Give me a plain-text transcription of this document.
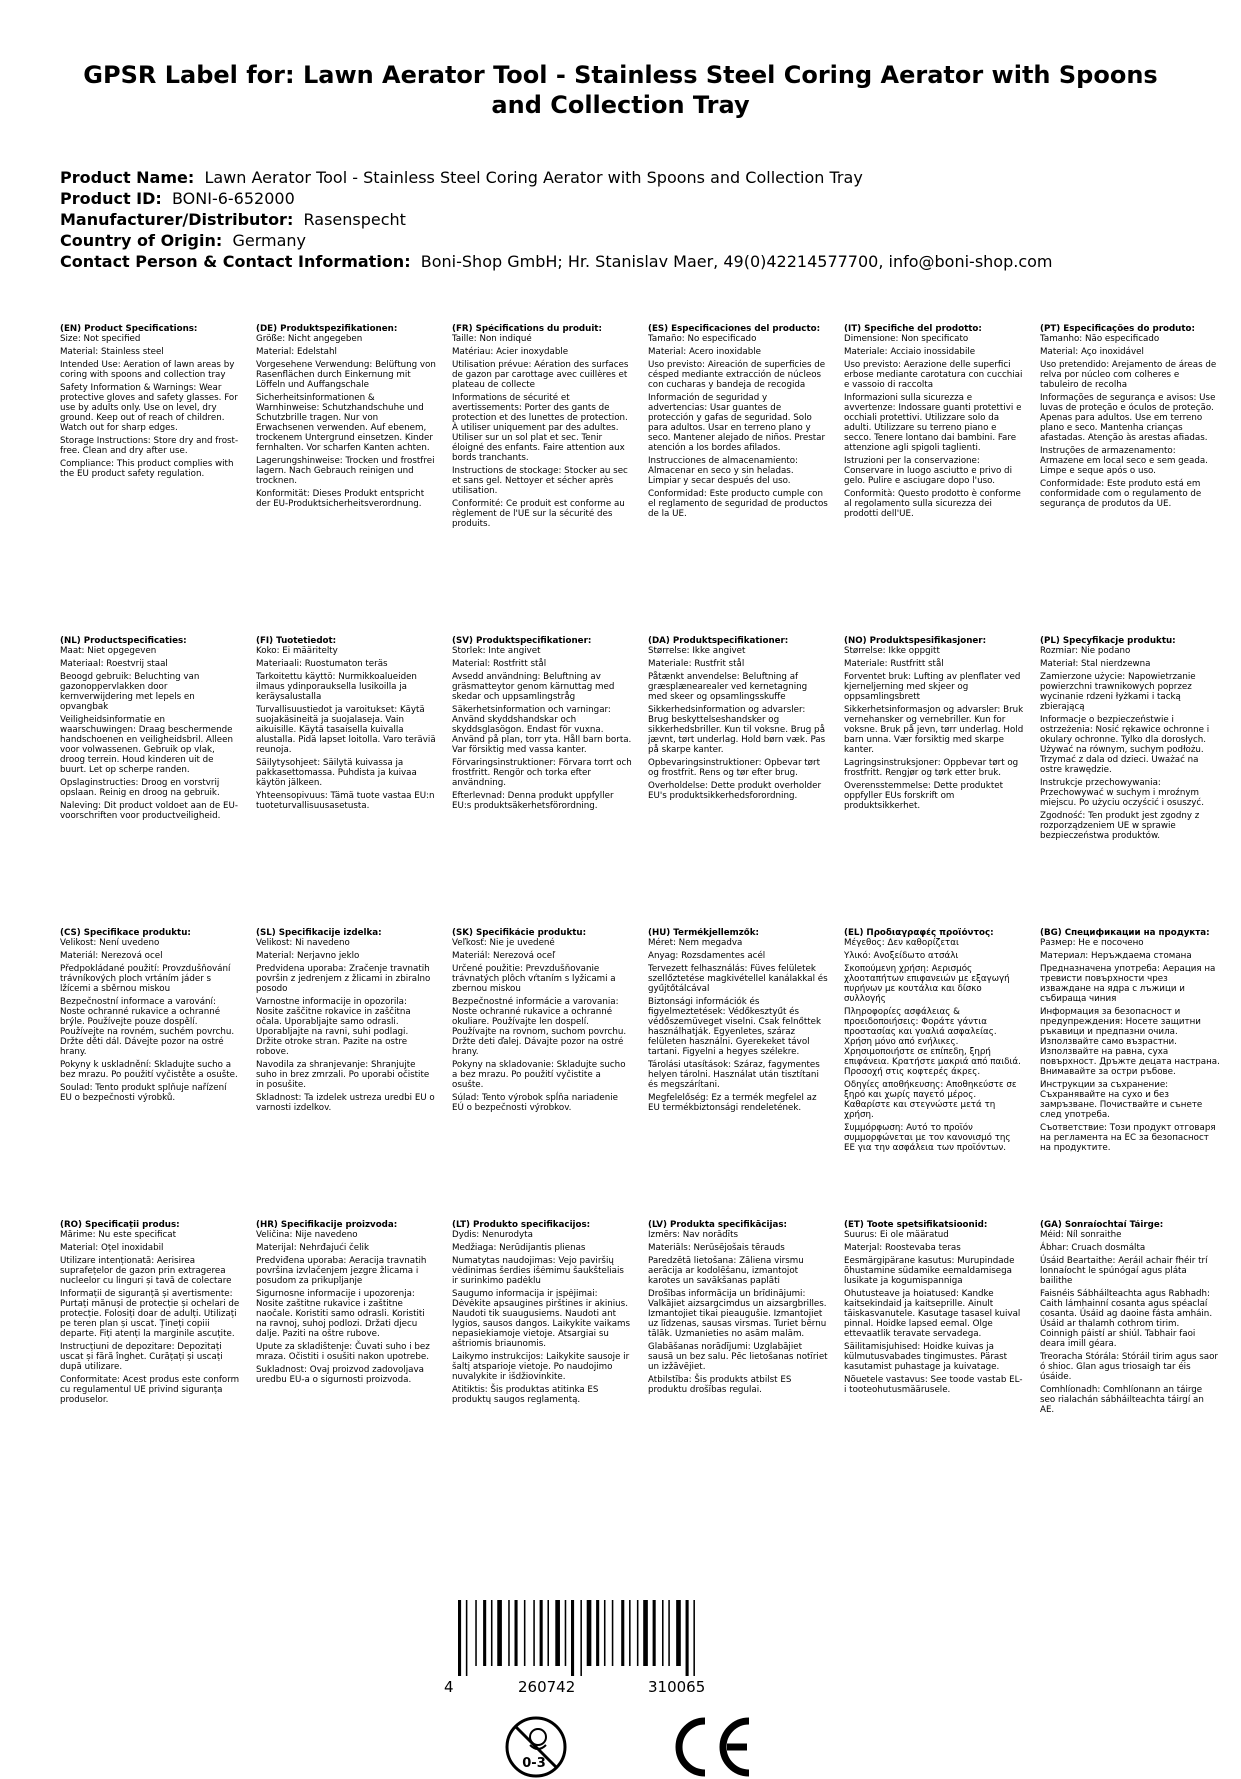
GPSR Label for: Lawn Aerator Tool - Stainless Steel Coring Aerator with Spoons and Collection Tray
Product Name: Lawn Aerator Tool - Stainless Steel Coring Aerator with Spoons and Collection Tray
Product ID: BONI-6-652000
Manufacturer/Distributor: Rasenspecht
Country of Origin: Germany
Contact Person & Contact Information: Boni-Shop GmbH; Hr. Stanislav Maer, 49(0)42214577700, info@boni-shop.com
(EN) Product Specifications:

Size: Not specified

Material: Stainless steel

Intended Use: Aeration of lawn areas by coring with spoons and collection tray

Safety Information & Warnings: Wear protective gloves and safety glasses. For use by adults only. Use on level, dry ground. Keep out of reach of children. Watch out for sharp edges.

Storage Instructions: Store dry and frost-free. Clean and dry after use.

Compliance: This product complies with the EU product safety regulation.

(DE) Produktspezifikationen:

Größe: Nicht angegeben

Material: Edelstahl

Vorgesehene Verwendung: Belüftung von Rasenflächen durch Einkernung mit Löffeln und Auffangschale

Sicherheitsinformationen & Warnhinweise: Schutzhandschuhe und Schutzbrille tragen. Nur von Erwachsenen verwenden. Auf ebenem, trockenem Untergrund einsetzen. Kinder fernhalten. Vor scharfen Kanten achten.

Lagerungshinweise: Trocken und frostfrei lagern. Nach Gebrauch reinigen und trocknen.

Konformität: Dieses Produkt entspricht der EU-Produktsicherheitsverordnung.

(FR) Spécifications du produit:

Taille: Non indiqué

Matériau: Acier inoxydable

Utilisation prévue: Aération des surfaces de gazon par carottage avec cuillères et plateau de collecte

Informations de sécurité et avertissements: Porter des gants de protection et des lunettes de protection. À utiliser uniquement par des adultes. Utiliser sur un sol plat et sec. Tenir éloigné des enfants. Faire attention aux bords tranchants.

Instructions de stockage: Stocker au sec et sans gel. Nettoyer et sécher après utilisation.

Conformité: Ce produit est conforme au règlement de l'UE sur la sécurité des produits.

(ES) Especificaciones del producto:

Tamaño: No especificado

Material: Acero inoxidable

Uso previsto: Aireación de superficies de césped mediante extracción de núcleos con cucharas y bandeja de recogida

Información de seguridad y advertencias: Usar guantes de protección y gafas de seguridad. Solo para adultos. Usar en terreno plano y seco. Mantener alejado de niños. Prestar atención a los bordes afilados.

Instrucciones de almacenamiento: Almacenar en seco y sin heladas. Limpiar y secar después del uso.

Conformidad: Este producto cumple con el reglamento de seguridad de productos de la UE.

(IT) Specifiche del prodotto:

Dimensione: Non specificato

Materiale: Acciaio inossidabile

Uso previsto: Aerazione delle superfici erbose mediante carotatura con cucchiai e vassoio di raccolta

Informazioni sulla sicurezza e avvertenze: Indossare guanti protettivi e occhiali protettivi. Utilizzare solo da adulti. Utilizzare su terreno piano e secco. Tenere lontano dai bambini. Fare attenzione agli spigoli taglienti.

Istruzioni per la conservazione: Conservare in luogo asciutto e privo di gelo. Pulire e asciugare dopo l'uso.

Conformità: Questo prodotto è conforme al regolamento sulla sicurezza dei prodotti dell'UE.

(PT) Especificações do produto:

Tamanho: Não especificado

Material: Aço inoxidável

Uso pretendido: Arejamento de áreas de relva por núcleo com colheres e tabuleiro de recolha

Informações de segurança e avisos: Use luvas de proteção e óculos de proteção. Apenas para adultos. Use em terreno plano e seco. Mantenha crianças afastadas. Atenção às arestas afiadas.

Instruções de armazenamento: Armazene em local seco e sem geada. Limpe e seque após o uso.

Conformidade: Este produto está em conformidade com o regulamento de segurança de produtos da UE.

(NL) Productspecificaties:

Maat: Niet opgegeven

Materiaal: Roestvrij staal

Beoogd gebruik: Beluchting van gazonoppervlakken door kernverwijdering met lepels en opvangbak

Veiligheidsinformatie en waarschuwingen: Draag beschermende handschoenen en veiligheidsbril. Alleen voor volwassenen. Gebruik op vlak, droog terrein. Houd kinderen uit de buurt. Let op scherpe randen.

Opslaginstructies: Droog en vorstvrij opslaan. Reinig en droog na gebruik.

Naleving: Dit product voldoet aan de EU-voorschriften voor productveiligheid.

(FI) Tuotetiedot:

Koko: Ei määritelty

Materiaali: Ruostumaton teräs

Tarkoitettu käyttö: Nurmikkoalueiden ilmaus ydinporauksella lusikoilla ja keräysalustalla

Turvallisuustiedot ja varoitukset: Käytä suojakäsineitä ja suojalaseja. Vain aikuisille. Käytä tasaisella kuivalla alustalla. Pidä lapset loitolla. Varo teräviä reunoja.

Säilytysohjeet: Säilytä kuivassa ja pakkasettomassa. Puhdista ja kuivaa käytön jälkeen.

Yhteensopivuus: Tämä tuote vastaa EU:n tuoteturvallisuusasetusta.

(SV) Produktspecifikationer:

Storlek: Inte angivet

Material: Rostfritt stål

Avsedd användning: Beluftning av gräsmatteytor genom kärnuttag med skedar och uppsamlingstråg

Säkerhetsinformation och varningar: Använd skyddshandskar och skyddsglasögon. Endast för vuxna. Använd på plan, torr yta. Håll barn borta. Var försiktig med vassa kanter.

Förvaringsinstruktioner: Förvara torrt och frostfritt. Rengör och torka efter användning.

Efterlevnad: Denna produkt uppfyller EU:s produktsäkerhetsförordning.

(DA) Produktspecifikationer:

Størrelse: Ikke angivet

Materiale: Rustfrit stål

Påtænkt anvendelse: Beluftning af græsplænearealer ved kernetagning med skeer og opsamlingsskuffe

Sikkerhedsinformation og advarsler: Brug beskyttelseshandsker og sikkerhedsbriller. Kun til voksne. Brug på jævnt, tørt underlag. Hold børn væk. Pas på skarpe kanter.

Opbevaringsinstruktioner: Opbevar tørt og frostfrit. Rens og tør efter brug.

Overholdelse: Dette produkt overholder EU's produktsikkerhedsforordning.

(NO) Produktspesifikasjoner:

Størrelse: Ikke oppgitt

Materiale: Rustfritt stål

Forventet bruk: Lufting av plenflater ved kjerneljerning med skjeer og oppsamlingsbrett

Sikkerhetsinformasjon og advarsler: Bruk vernehansker og vernebriller. Kun for voksne. Bruk på jevn, tørr underlag. Hold barn unna. Vær forsiktig med skarpe kanter.

Lagringsinstruksjoner: Oppbevar tørt og frostfritt. Rengjør og tørk etter bruk.

Overensstemmelse: Dette produktet oppfyller EUs forskrift om produktsikkerhet.

(PL) Specyfikacje produktu:

Rozmiar: Nie podano

Materiał: Stal nierdzewna

Zamierzone użycie: Napowietrzanie powierzchni trawnikowych poprzez wycinanie rdzeni łyżkami i tacką zbierającą

Informacje o bezpieczeństwie i ostrzeżenia: Nosić rękawice ochronne i okulary ochronne. Tylko dla dorosłych. Używać na równym, suchym podłożu. Trzymać z dala od dzieci. Uważać na ostre krawędzie.

Instrukcje przechowywania: Przechowywać w suchym i mroźnym miejscu. Po użyciu oczyścić i osuszyć.

Zgodność: Ten produkt jest zgodny z rozporządzeniem UE w sprawie bezpieczeństwa produktów.

(CS) Specifikace produktu:

Velikost: Není uvedeno

Materiál: Nerezová ocel

Předpokládané použití: Provzdušňování trávníkových ploch vrtáním jáder s lžícemi a sběrnou miskou

Bezpečnostní informace a varování: Noste ochranné rukavice a ochranné brýle. Používejte pouze dospělí. Používejte na rovném, suchém povrchu. Držte děti dál. Dávejte pozor na ostré hrany.

Pokyny k uskladnění: Skladujte sucho a bez mrazu. Po použití vyčistěte a osušte.

Soulad: Tento produkt splňuje nařízení EU o bezpečnosti výrobků.

(SL) Specifikacije izdelka:

Velikost: Ni navedeno

Material: Nerjavno jeklo

Predvidena uporaba: Zračenje travnatih površin z jedrenjem z žlicami in zbiralno posodo

Varnostne informacije in opozorila: Nosite zaščitne rokavice in zaščitna očala. Uporabljajte samo odrasli. Uporabljajte na ravni, suhi podlagi. Držite otroke stran. Pazite na ostre robove.

Navodila za shranjevanje: Shranjujte suho in brez zmrzali. Po uporabi očistite in posušite.

Skladnost: Ta izdelek ustreza uredbi EU o varnosti izdelkov.

(SK) Špecifikácie produktu:

Veľkosť: Nie je uvedené

Materiál: Nerezová oceľ

Určené použitie: Prevzdušňovanie trávnatých plôch vŕtaním s lyžicami a zbernou miskou

Bezpečnostné informácie a varovania: Noste ochranné rukavice a ochranné okuliare. Používajte len dospelí. Používajte na rovnom, suchom povrchu. Držte deti ďalej. Dávajte pozor na ostré hrany.

Pokyny na skladovanie: Skladujte sucho a bez mrazu. Po použití vyčistite a osušte.

Súlad: Tento výrobok spĺňa nariadenie EÚ o bezpečnosti výrobkov.

(HU) Termékjellemzők:

Méret: Nem megadva

Anyag: Rozsdamentes acél

Tervezett felhasználás: Füves felületek szellőztetése magkivétellel kanálakkal és gyűjtőtálcával

Biztonsági információk és figyelmeztetések: Védőkesztyűt és védőszemüveget viselni. Csak felnőttek használhatják. Egyenletes, száraz felületen használni. Gyerekeket távol tartani. Figyelni a hegyes szélekre.

Tárolási utasítások: Száraz, fagymentes helyen tárolni. Használat után tisztítani és megszárítani.

Megfelelőség: Ez a termék megfelel az EU termékbiztonsági rendeletének.

(EL) Προδιαγραφές προϊόντος:

Μέγεθος: Δεν καθορίζεται

Υλικό: Ανοξείδωτο ατσάλι

Σκοπούμενη χρήση: Αερισμός χλοοταπήτων επιφανειών με εξαγωγή πυρήνων με κουτάλια και δίσκο συλλογής

Πληροφορίες ασφάλειας & προειδοποιήσεις: Φοράτε γάντια προστασίας και γυαλιά ασφαλείας. Χρήση μόνο από ενήλικες. Χρησιμοποιήστε σε επίπεδη, ξηρή επιφάνεια. Κρατήστε μακριά από παιδιά. Προσοχή στις κοφτερές άκρες.

Οδηγίες αποθήκευσης: Αποθηκεύστε σε ξηρό και χωρίς παγετό μέρος. Καθαρίστε και στεγνώστε μετά τη χρήση.

Συμμόρφωση: Αυτό το προϊόν συμμορφώνεται με τον κανονισμό της ΕΕ για την ασφάλεια των προϊόντων.

(BG) Спецификации на продукта:

Размер: Не е посочено

Материал: Неръждаема стомана

Предназначена употреба: Аерация на тревисти повърхности чрез изваждане на ядра с лъжици и събираща чиния

Информация за безопасност и предупреждения: Носете защитни ръкавици и предпазни очила. Използвайте само възрастни. Използвайте на равна, суха повърхност. Дръжте децата настрана. Внимавайте за остри ръбове.

Инструкции за съхранение: Съхранявайте на сухо и без замръзване. Почиствайте и сънете след употреба.

Съответствие: Този продукт отговаря на регламента на ЕС за безопасност на продуктите.

(RO) Specificații produs:

Mărime: Nu este specificat

Material: Oțel inoxidabil

Utilizare intenționată: Aerisirea suprafețelor de gazon prin extragerea nucleelor cu linguri și tavă de colectare

Informații de siguranță și avertismente: Purtați mănuși de protecție și ochelari de protecție. Folosiți doar de adulți. Utilizați pe teren plan și uscat. Țineți copiii departe. Fiți atenți la marginile ascuțite.

Instrucțiuni de depozitare: Depozitați uscat și fără înghet. Curățați și uscați după utilizare.

Conformitate: Acest produs este conform cu regulamentul UE privind siguranța produselor.

(HR) Specifikacije proizvoda:

Veličina: Nije navedeno

Materijal: Nehrđajući čelik

Predviđena uporaba: Aeracija travnatih površina izvlačenjem jezgre žlicama i posudom za prikupljanje

Sigurnosne informacije i upozorenja: Nosite zaštitne rukavice i zaštitne naočale. Koristiti samo odrasli. Koristiti na ravnoj, suhoj podlozi. Držati djecu dalje. Paziti na oštre rubove.

Upute za skladištenje: Čuvati suho i bez mraza. Očistiti i osušiti nakon upotrebe.

Sukladnost: Ovaj proizvod zadovoljava uredbu EU-a o sigurnosti proizvoda.

(LT) Produkto specifikacijos:

Dydis: Nenurodyta

Medžiaga: Nerūdijantis plienas

Numatytas naudojimas: Vejo paviršių vėdinimas šerdies išėmimu šaukšteliais ir surinkimo padėklu

Saugumo informacija ir įspėjimai: Dėvėkite apsaugines pirštines ir akinius. Naudoti tik suaugusiems. Naudoti ant lygios, sausos dangos. Laikykite vaikams nepasiekiamoje vietoje. Atsargiai su aštriomis briaunomis.

Laikymo instrukcijos: Laikykite sausoje ir šaltį atsparioje vietoje. Po naudojimo nuvalykite ir išdžiovinkite.

Atitiktis: Šis produktas atitinka ES produktų saugos reglamentą.

(LV) Produkta specifikācijas:

Izmērs: Nav norādīts

Materiāls: Nerūsējošais tērauds

Paredzētā lietošana: Zāliena virsmu aerācija ar kodolēšanu, izmantojot karotes un savākšanas paplāti

Drošības informācija un brīdinājumi: Valkājiet aizsargcimdus un aizsargbrilles. Izmantojiet tikai pieaugušie. Izmantojiet uz līdzenas, sausas virsmas. Turiet bērnu tālāk. Uzmanieties no asām malām.

Glabāšanas norādījumi: Uzglabājiet sausā un bez salu. Pēc lietošanas notīriet un izžāvējiet.

Atbilstība: Šis produkts atbilst ES produktu drošības regulai.

(ET) Toote spetsifikatsioonid:

Suurus: Ei ole määratud

Materjal: Roostevaba teras

Eesmärgipärane kasutus: Murupindade õhustamine südamike eemaldamisega lusikate ja kogumispanniga

Ohutusteave ja hoiatused: Kandke kaitsekindaid ja kaitseprille. Ainult täiskasvanutele. Kasutage tasasel kuival pinnal. Hoidke lapsed eemal. Olge ettevaatlik teravate servadega.

Säilitamisjuhised: Hoidke kuivas ja külmutusvabades tingimustes. Pärast kasutamist puhastage ja kuivatage.

Nõuetele vastavus: See toode vastab EL-i tooteohutusmäärusele.

(GA) Sonraíochtaí Táirge:

Méid: Níl sonraithe

Ábhar: Cruach dosmálta

Úsáid Beartaithe: Aeráil achair fhéir trí lonnaíocht le spúnógaí agus pláta bailithe

Faisnéis Sábháilteachta agus Rabhadh: Caith lámhainní cosanta agus spéaclaí cosanta. Úsáid ag daoine fásta amháin. Úsáid ar thalamh cothrom tirim. Coinnigh páistí ar shiúl. Tabhair faoi deara imill géara.

Treoracha Stórála: Stóráil tirim agus saor ó shioc. Glan agus triosaigh tar éis úsáide.

Comhlíonadh: Comhlíonann an táirge seo rialachán sábháilteachta táirgí an AE.

4	260742	310065
0-3
